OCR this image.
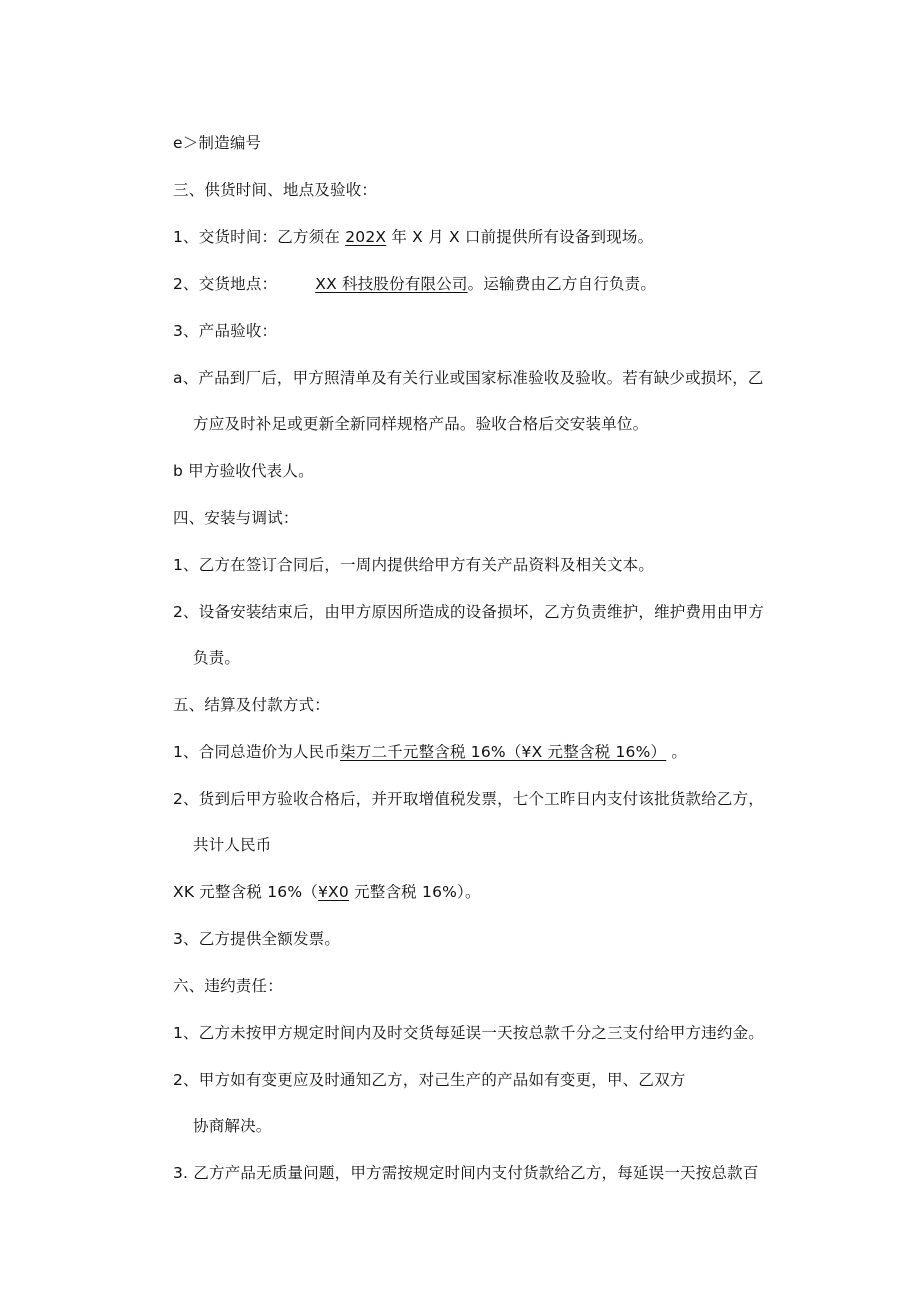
e＞制造编号
三、供货时间、地点及验收：
1、交货时间：乙方须在 202X 年 X 月 X 口前提供所有设备到现场。
2、交货地点： XX 科技股份有限公司。运输费由乙方自行负责。
3、产品验收：
a、产品到厂后，甲方照清单及有关行业或国家标准验收及验收。若有缺少或损坏，乙
方应及时补足或更新全新同样规格产品。验收合格后交安装单位。
b 甲方验收代表人。
四、安装与调试：
1、乙方在签订合同后，一周内提供给甲方有关产品资料及相关文本。
2、设备安装结束后，由甲方原因所造成的设备损坏，乙方负责维护，维护费用由甲方
负责。
五、结算及付款方式：
1、合同总造价为人民币柒万二千元整含税 16%（¥X 元整含税 16%） 。
2、货到后甲方验收合格后，并开取增值税发票，七个工昨日内支付该批货款给乙方，
共计人民币
XK 元整含税 16%（¥X0 元整含税 16%）。
3、乙方提供全额发票。
六、违约责任：
1、乙方未按甲方规定时间内及时交货每延误一天按总款千分之三支付给甲方违约金。
2、甲方如有变更应及时通知乙方，对己生产的产品如有变更，甲、乙双方
协商解决。
3. 乙方产品无质量问题，甲方需按规定时间内支付货款给乙方，每延误一天按总款百
